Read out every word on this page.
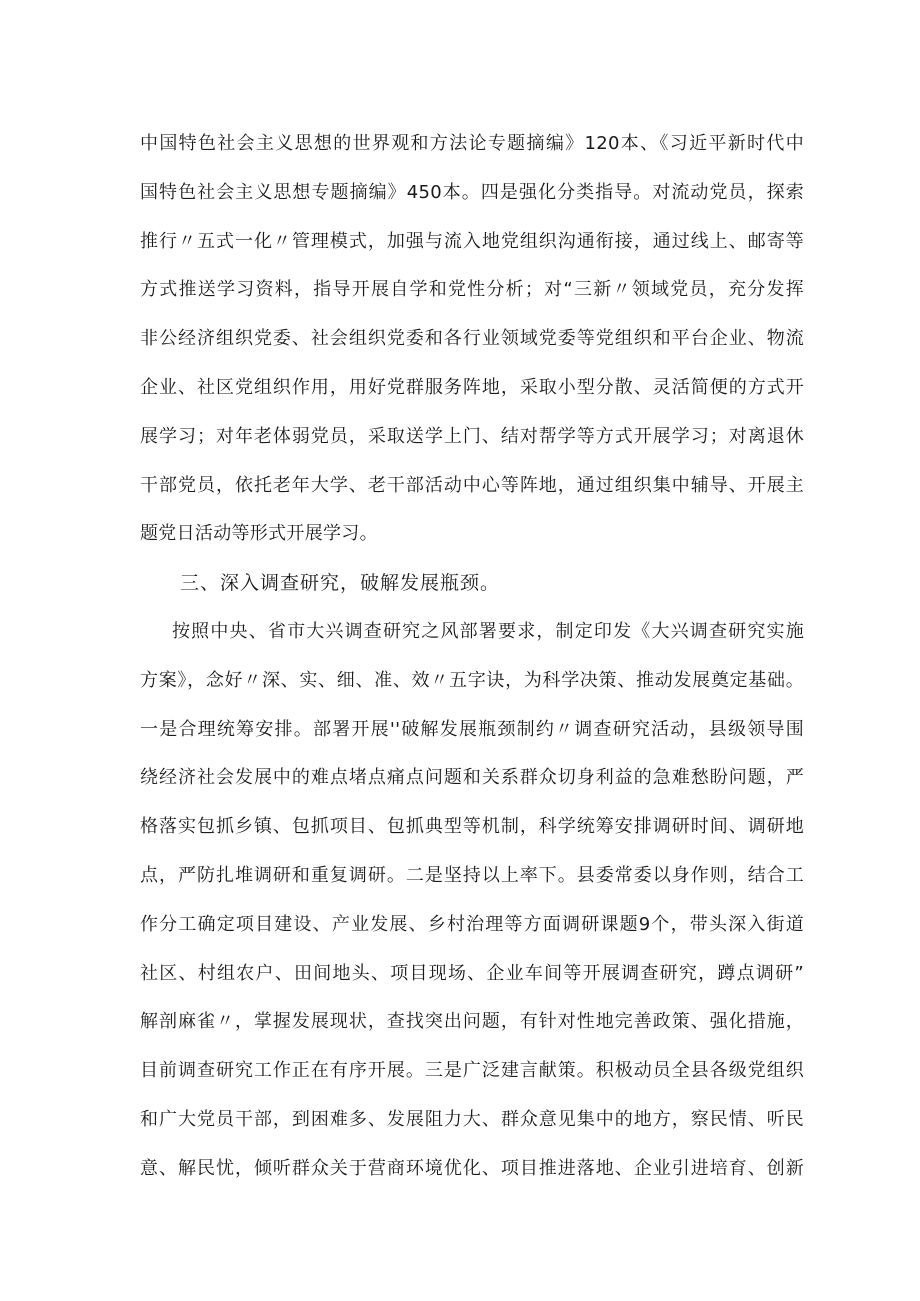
中国特色社会主义思想的世界观和方法论专题摘编》120本、《习近平新时代中
国特色社会主义思想专题摘编》450本。四是强化分类指导。对流动党员，探索
推行〃五式一化〃管理模式，加强与流入地党组织沟通衔接，通过线上、邮寄等
方式推送学习资料，指导开展自学和党性分析；对“三新〃领域党员，充分发挥
非公经济组织党委、社会组织党委和各行业领域党委等党组织和平台企业、物流
企业、社区党组织作用，用好党群服务阵地，采取小型分散、灵活简便的方式开
展学习；对年老体弱党员，采取送学上门、结对帮学等方式开展学习；对离退休
干部党员，依托老年大学、老干部活动中心等阵地，通过组织集中辅导、开展主
题党日活动等形式开展学习。
三、深入调查研究，破解发展瓶颈。
按照中央、省市大兴调查研究之风部署要求，制定印发《大兴调查研究实施
方案》，念好〃深、实、细、准、效〃五字诀，为科学决策、推动发展奠定基础。
一是合理统筹安排。部署开展''破解发展瓶颈制约〃调查研究活动，县级领导围
绕经济社会发展中的难点堵点痛点问题和关系群众切身利益的急难愁盼问题，严
格落实包抓乡镇、包抓项目、包抓典型等机制，科学统筹安排调研时间、调研地
点，严防扎堆调研和重复调研。二是坚持以上率下。县委常委以身作则，结合工
作分工确定项目建设、产业发展、乡村治理等方面调研课题9个，带头深入街道
社区、村组农户、田间地头、项目现场、企业车间等开展调查研究，蹲点调研”
解剖麻雀〃，掌握发展现状，查找突出问题，有针对性地完善政策、强化措施，
目前调查研究工作正在有序开展。三是广泛建言献策。积极动员全县各级党组织
和广大党员干部，到困难多、发展阻力大、群众意见集中的地方，察民情、听民
意、解民忧，倾听群众关于营商环境优化、项目推进落地、企业引进培育、创新
